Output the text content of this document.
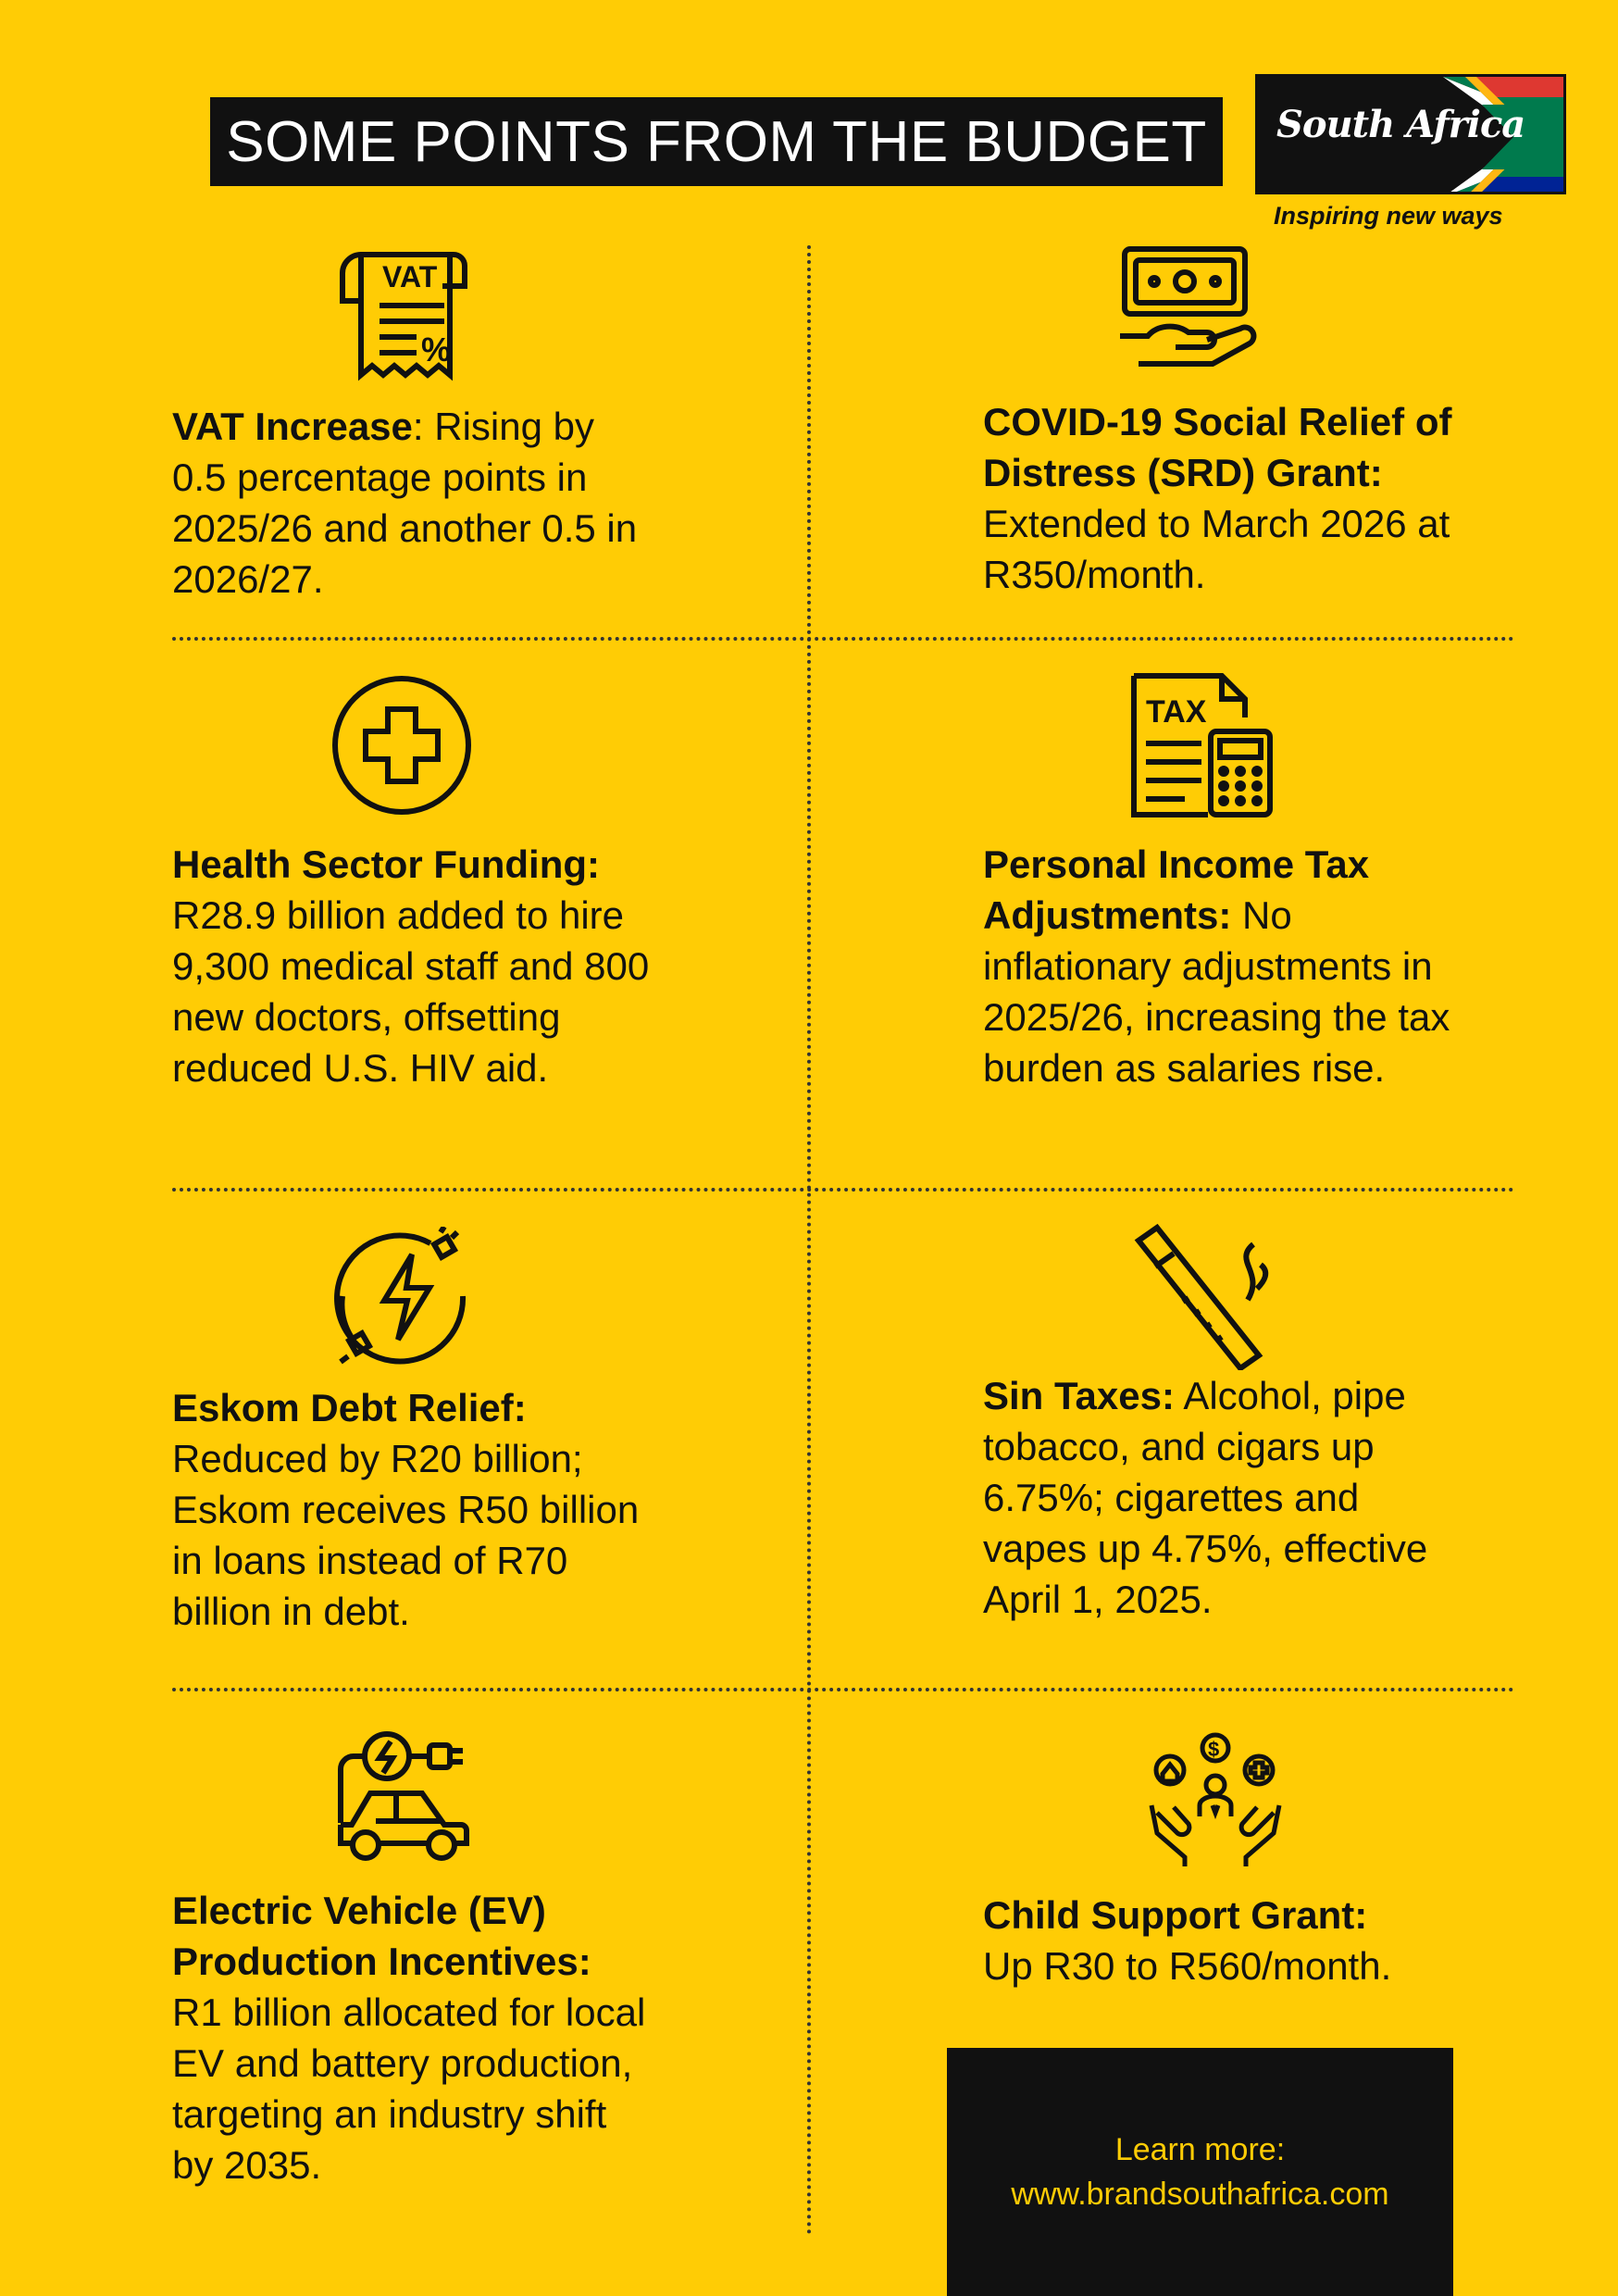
SOME POINTS FROM THE BUDGET South Africa
Inspiring new ways
VAT
%
VAT Increase: Rising by 0.5 percentage points in 2025/26 and another 0.5 in 2026/27.
COVID-19 Social Relief of Distress (SRD) Grant:
Extended to March 2026 at R350/month.
Health Sector Funding:
R28.9 billion added to hire 9,300 medical staff and 800 new doctors, offsetting reduced U.S. HIV aid.
TAX
Personal Income Tax Adjustments: No inflationary adjustments in 2025/26, increasing the tax burden as salaries rise.
Eskom Debt Relief:
Reduced by R20 billion; Eskom receives R50 billion in loans instead of R70 billion in debt.
Sin Taxes: Alcohol, pipe tobacco, and cigars up 6.75%; cigarettes and vapes up 4.75%, effective April 1, 2025.
Electric Vehicle (EV) Production Incentives:
R1 billion allocated for local EV and battery production, targeting an industry shift by 2035.
$
Child Support Grant:
Up R30 to R560/month.
Learn more:
www.brandsouthafrica.com
